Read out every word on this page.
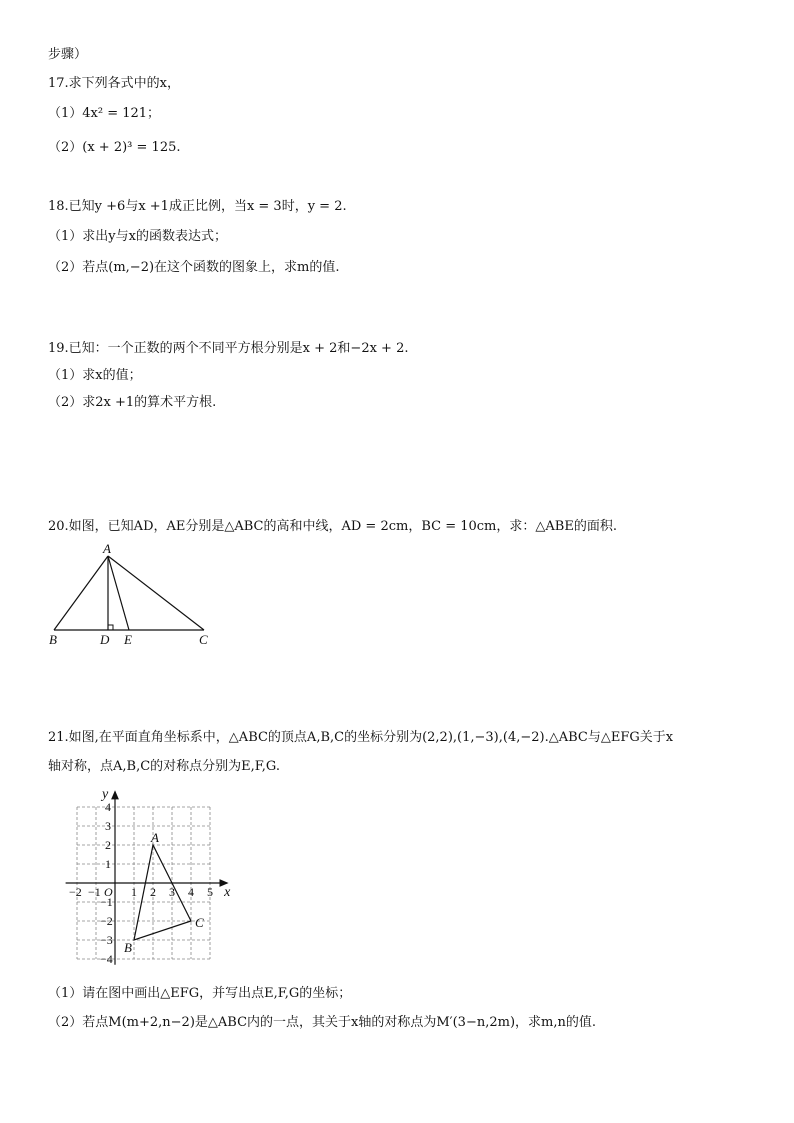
步骤）
17.求下列各式中的x，
（1）4x² = 121；
（2）(x + 2)³ = 125.
18.已知y +6与x +1成正比例，当x = 3时，y = 2.
（1）求出y与x的函数表达式；
（2）若点(m,−2)在这个函数的图象上，求m的值.
19.已知：一个正数的两个不同平方根分别是x + 2和−2x + 2.
（1）求x的值；
（2）求2x +1的算术平方根.
20.如图，已知AD，AE分别是△ABC的高和中线，AD = 2cm，BC = 10cm，求：△ABE的面积.
21.如图,在平面直角坐标系中，△ABC的顶点A,B,C的坐标分别为(2,2),(1,−3),(4,−2).△ABC与△EFG关于x
轴对称，点A,B,C的对称点分别为E,F,G.
（1）请在图中画出△EFG，并写出点E,F,G的坐标；
（2）若点M(m+2,n−2)是△ABC内的一点，其关于x轴的对称点为M′(3−n,2m)，求m,n的值.
A
B	D E	C
−2 −1	1 2 3 4 5
4
3
2
1
−1
−2
−3
−4
O	x
y
A
B
C
